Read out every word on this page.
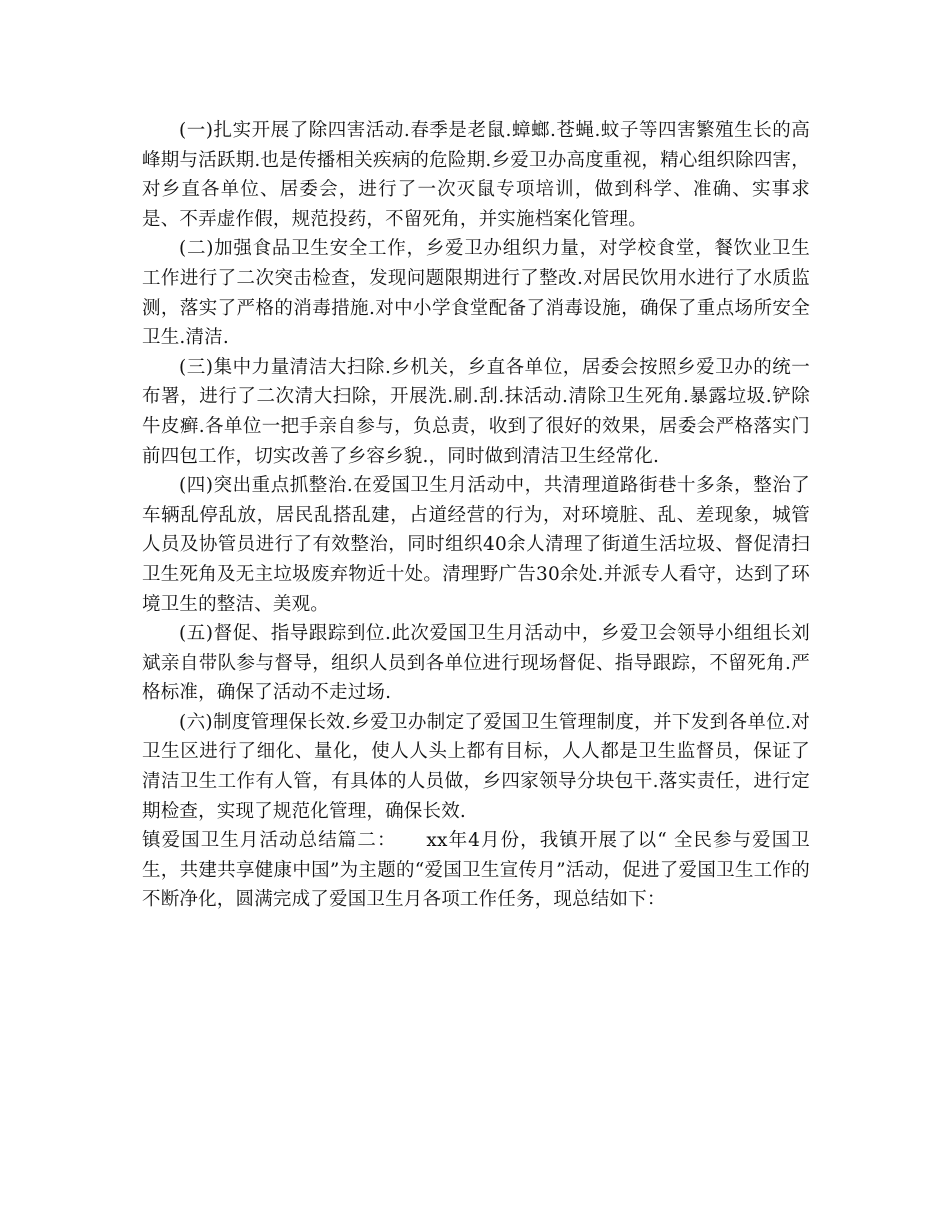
(一)扎实开展了除四害活动.春季是老鼠.蟑螂.苍蝇.蚊子等四害繁殖生长的高峰期与活跃期.也是传播相关疾病的危险期.乡爱卫办高度重视，精心组织除四害，对乡直各单位、居委会，进行了一次灭鼠专项培训，做到科学、准确、实事求是、不弄虚作假，规范投药，不留死角，并实施档案化管理。

(二)加强食品卫生安全工作，乡爱卫办组织力量，对学校食堂，餐饮业卫生工作进行了二次突击检查，发现问题限期进行了整改.对居民饮用水进行了水质监测，落实了严格的消毒措施.对中小学食堂配备了消毒设施，确保了重点场所安全卫生.清洁.

(三)集中力量清洁大扫除.乡机关，乡直各单位，居委会按照乡爱卫办的统一布署，进行了二次清大扫除，开展洗.刷.刮.抹活动.清除卫生死角.暴露垃圾.铲除牛皮癣.各单位一把手亲自参与，负总责，收到了很好的效果，居委会严格落实门前四包工作，切实改善了乡容乡貌.，同时做到清洁卫生经常化.

(四)突出重点抓整治.在爱国卫生月活动中，共清理道路街巷十多条，整治了车辆乱停乱放，居民乱搭乱建，占道经营的行为，对环境脏、乱、差现象，城管人员及协管员进行了有效整治，同时组织40余人清理了街道生活垃圾、督促清扫卫生死角及无主垃圾废弃物近十处。清理野广告30余处.并派专人看守，达到了环境卫生的整洁、美观。

(五)督促、指导跟踪到位.此次爱国卫生月活动中，乡爱卫会领导小组组长刘斌亲自带队参与督导，组织人员到各单位进行现场督促、指导跟踪，不留死角.严格标准，确保了活动不走过场.

(六)制度管理保长效.乡爱卫办制定了爱国卫生管理制度，并下发到各单位.对卫生区进行了细化、量化，使人人头上都有目标，人人都是卫生监督员，保证了清洁卫生工作有人管，有具体的人员做，乡四家领导分块包干.落实责任，进行定期检查，实现了规范化管理，确保长效.

镇爱国卫生月活动总结篇二：　　xx年4月份，我镇开展了以“ 全民参与爱国卫生，共建共享健康中国”为主题的“爱国卫生宣传月”活动，促进了爱国卫生工作的不断净化，圆满完成了爱国卫生月各项工作任务，现总结如下：
